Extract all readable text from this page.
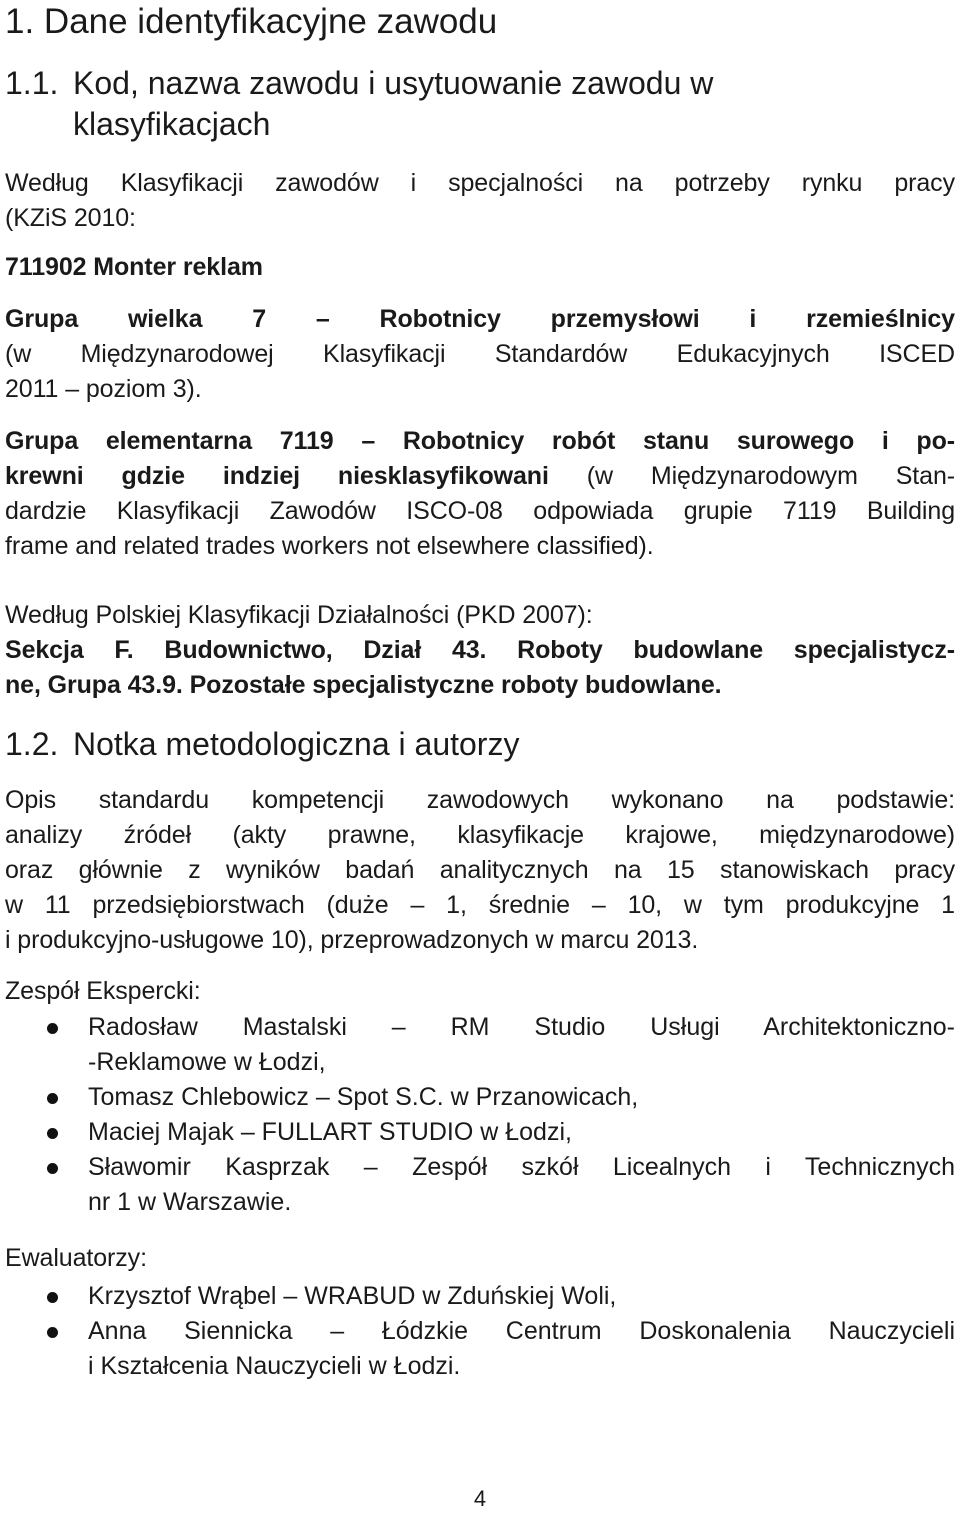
1. Dane identyfikacyjne zawodu
1.1. Kod, nazwa zawodu i usytuowanie zawodu w klasyfikacjach

Według Klasyfikacji zawodów i specjalności na potrzeby rynku pracy
(KZiS 2010:

711902 Monter reklam

Grupa wielka 7 – Robotnicy przemysłowi i rzemieślnicy
(w Międzynarodowej Klasyfikacji Standardów Edukacyjnych ISCED
2011 – poziom 3).

Grupa elementarna 7119 – Robotnicy robót stanu surowego i po-
krewni gdzie indziej niesklasyfikowani (w Międzynarodowym Stan-
dardzie Klasyfikacji Zawodów ISCO-08 odpowiada grupie 7119 Building
frame and related trades workers not elsewhere classified).

Według Polskiej Klasyfikacji Działalności (PKD 2007):
Sekcja F. Budownictwo, Dział 43. Roboty budowlane specjalistycz-
ne, Grupa 43.9. Pozostałe specjalistyczne roboty budowlane.

1.2. Notka metodologiczna i autorzy

Opis standardu kompetencji zawodowych wykonano na podstawie:
analizy źródeł (akty prawne, klasyfikacje krajowe, międzynarodowe)
oraz głównie z wyników badań analitycznych na 15 stanowiskach pracy
w 11 przedsiębiorstwach (duże – 1, średnie – 10, w tym produkcyjne 1
i produkcyjno-usługowe 10), przeprowadzonych w marcu 2013.

Zespół Ekspercki:

Radosław Mastalski – RM Studio Usługi Architektoniczno-
-Reklamowe w Łodzi,
Tomasz Chlebowicz – Spot S.C. w Przanowicach,
Maciej Majak – FULLART STUDIO w Łodzi,
Sławomir Kasprzak – Zespół szkół Licealnych i Technicznych
nr 1 w Warszawie.

Ewaluatorzy:

Krzysztof Wrąbel – WRABUD w Zduńskiej Woli,
Anna Siennicka – Łódzkie Centrum Doskonalenia Nauczycieli
i Kształcenia Nauczycieli w Łodzi.
4
